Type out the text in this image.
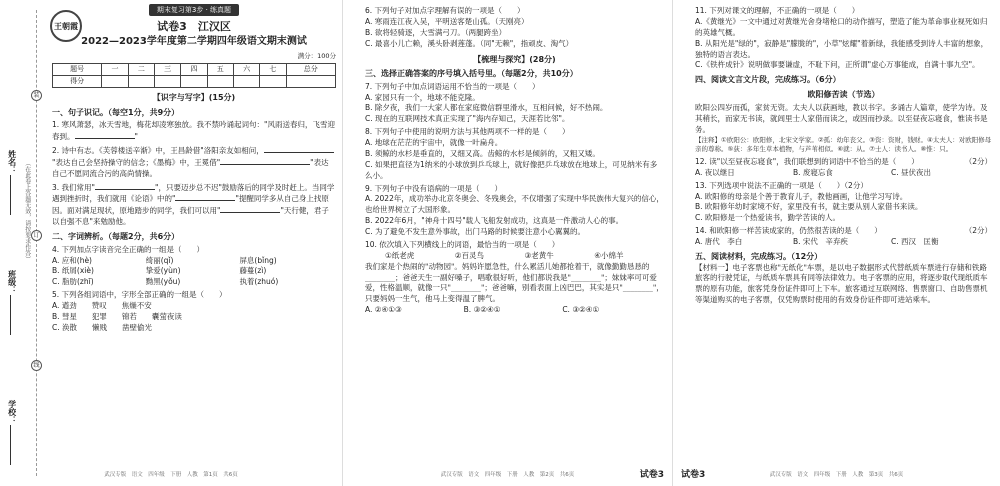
姓名： （在此卷上答题无效，请按要求作答）
班级：
学校：
装
订
线
王朝霞
期末复习第3步 · 练真题
试卷3　江汉区
2022—2023学年度第二学期四年级语文期末测试
满分：100分
题号	一	二	三	四	五	六	七	总分
得分								
【识字与写字】(15分)
一、句子识记。（每空1分，共9分）
1. 寒风萧瑟，冰天雪地，梅花却凌寒独放。我不禁吟诵起词句："风雨送春归，飞雪迎春到。	"
2. 诗中有志。《芙蓉楼送辛渐》中，王昌龄借"洛阳亲友如相问，"表达自己会坚持操守的信念；《墨梅》中，王冕借"	"表达自己不愿同流合污的高尚情操。
3. 我们常用"	"，只要迈步总不迟"鼓励落后的同学及时赶上。当同学遇到挫折时，我们就用《论语》中的"	"提醒同学多从自己身上找原因。面对满足现状，原地踏步的同学，我们可以用"	"天行健，君子以自强不息"来勉励他。
二、字词辨析。（每题2分，共6分）
4. 下列加点字读音完全正确的一组是（　　）
A. 应和(hè)	绮丽(qǐ)	屏息(bǐng)
B. 纸屑(xiè)	挚爱(yùn)	藤蔓(zì)
C. 脂肪(zhī)	黝黑(yǒu)	执着(zhuó)
5. 下列各组词语中，字形全部正确的一组是（　　）
A. 遒劲　　赞叹　　焦燥不安
B. 彗星　　犯罪　　锦若　　囊萤夜读
C. 涣散　　懒贱　　凿壁偷光
武汉专版　语文　四年级　下册　人教　第1页　共6页
6. 下列句子对加点字理解有误的一项是（　　）
A. 寒雨连江夜入吴，平明送客楚山孤。（天刚亮）
B. 欲将轻骑逐，大雪满弓刀。（两腿跨坐）
C. 最喜小儿亡赖，溪头卧剥莲蓬。（同"无赖"，指顽皮、淘气）
【梳理与探究】(28分)
三、选择正确答案的序号填入括号里。（每题2分，共10分）
7. 下列句子中加点词语运用不恰当的一项是（　　）
A. 家园只有一个，地球不能克隆。
B. 除夕夜，我们一大家人都在家庭微信群里滑水，互相问候，好不热闹。
C. 现在的互联网技术真正实现了"海内存知己，天涯若比邻"。
8. 下列句子中使用的说明方法与其他两项不一样的是（　　）
A. 地球在茫茫的宇宙中，就像一叶扁舟。
B. 须鲸的水杉是垂直的，又细又高。齿鲸的水杉是倾斜的，又粗又矮。
C. 如果把直径为1纳米的小球放到乒乓球上，就好像把乒乓球放在地球上，可见纳米有多么小。
9. 下列句子中没有语病的一项是（　　）
A. 2022年，成功举办北京冬奥会、冬残奥会，不仅增强了实现中华民族伟大复兴的信心，也给世界树立了大国形象。
B. 2022年6月，"神舟十四号"载人飞船发射成功，这真是一件激动人心的事。
C. 为了避免不发生意外事故，出门马路的时候要注意小心翼翼的。
10. 依次填入下列横线上的词语，最恰当的一项是（　　）
①纸老虎	②百灵鸟	③老黄牛	④小绵羊
我们家是个热闹的"动物园"。妈妈许愿急性，什么累活儿她都抢着干，就像勤勤恳恳的________；爸爸天生一副好嗓子，唱歌很好听，他们都说我是"________"；妹妹率可可爱爱，性格温顺，就像一只"________"；爸爸嘛，别看表面上凶巴巴，其实是只"________"，只要妈妈一生气，他马上变得温了脾气。
A. ②④①③	B. ③②④①	C. ③②④①
武汉专版　语文　四年级　下册　人教　第2页　共6页	试卷3
11. 下列对课文的理解，不正确的一项是（　　）
A.《黄继光》一文中通过对黄继光舍身堵枪口的动作描写，塑造了能为革命事业视死如归的英雄气概。
B. 从阳光是"绿的"，寂静是"朦胧的"，小草"炫耀"着新绿，我能感受到诗人丰富的想象，独特的语言表达。
C.《铁杵成针》说明做事要谦虚，不耻下问，正所谓"虚心万事能成，自满十事九空"。
四、阅读文言文片段，完成练习。（6分）
欧阳修苦读（节选）
欧阳公四岁而孤，家贫无资。太夫人以荻画地，教以书字。多诵古人篇章，使学为诗。及其稍长，而家无书读，就闾里士人家借而读之，或因而抄录。以至昼夜忘寝食，惟读书是务。
【注释】①欧阳公：欧阳修，北宋文学家。②孤：幼年丧父。③资：资财，钱财。④太夫人：对欧阳修母亲的尊称。⑤荻：多年生草本植物，与芦苇相似。⑥就：从。⑦士人：读书人。⑧惟：只。
12. 读"以至昼夜忘寝食"，我们联想到的词语中不恰当的是（　　）	（2分）
A. 夜以继日	B. 废寝忘食	C. 昼伏夜出
13. 下列选项中说法不正确的一项是（　　）（2分）
A. 欧阳修的母亲是个善于教育儿子，教他画画，让他学习写诗。
B. 欧阳修年幼时家境不好，家里没有书，就主要从别人家借书来读。
C. 欧阳修是一个热爱读书，勤学苦读的人。
14. 和欧阳修一样苦读成家的，仍然很苦读的是（　　）	（2分）
A. 唐代　李白	B. 宋代　辛弃疾	C. 西汉　匡衡
五、阅读材料，完成练习。（12分）
【材料一】电子客票也称"无纸化"车票，是以电子数据形式代替纸质车票进行存储和铁路旅客的行驶凭证，与纸质车票具有同等法律效力。电子客票的应用，将逐步取代现纸质车票的原有功能，旅客凭身份证件即可上下车。旅客通过互联网络、售票窗口、自助售票机等渠道购买的电子客票，仅凭购票时使用的有效身份证件即可进站乘车。
试卷3	武汉专版　语文　四年级　下册　人教　第3页　共6页
